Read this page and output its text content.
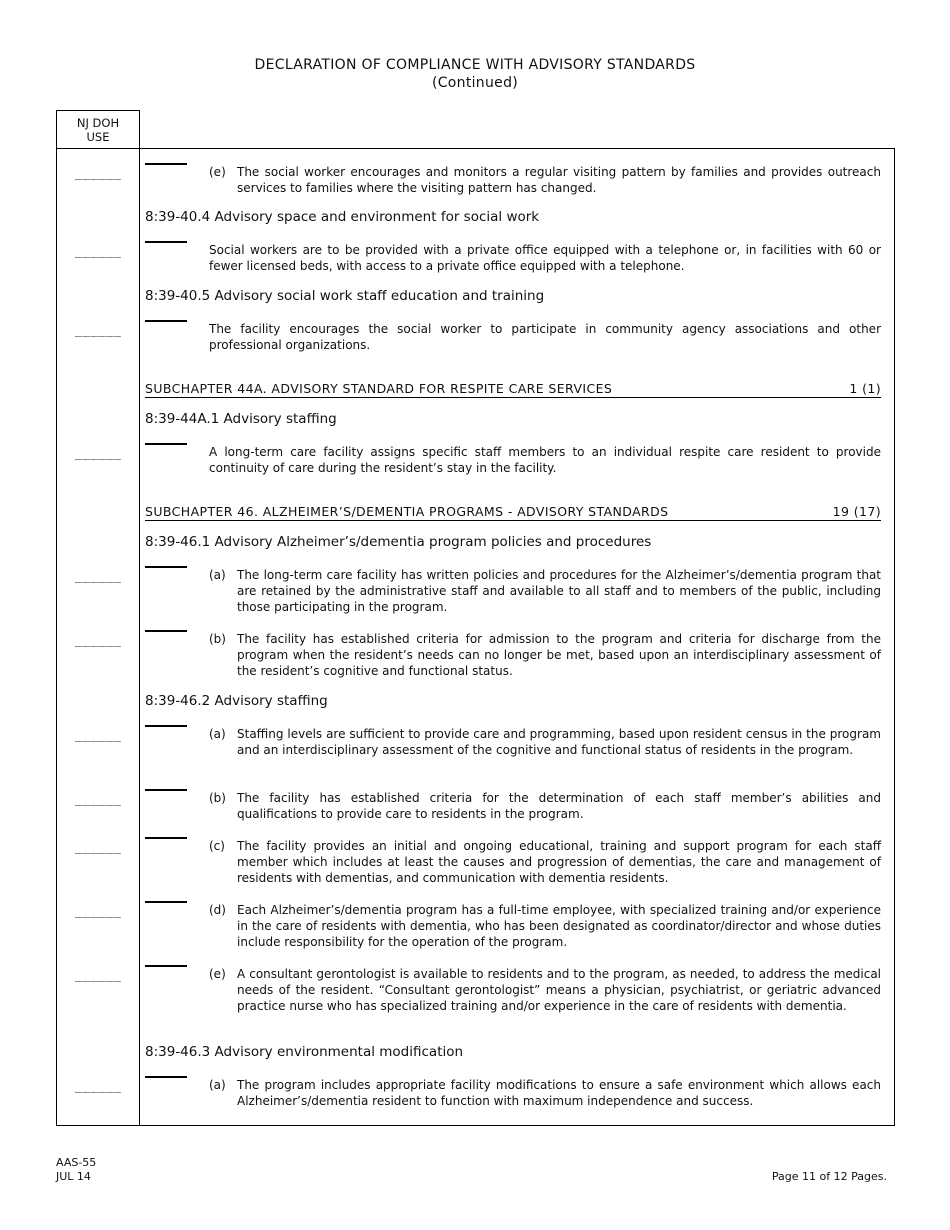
DECLARATION OF COMPLIANCE WITH ADVISORY STANDARDS
(Continued)
NJ DOH
USE
______	(e) The social worker encourages and monitors a regular visiting pattern by families and provides outreach services to families where the visiting pattern has changed.
8:39-40.4 Advisory space and environment for social work
______	Social workers are to be provided with a private office equipped with a telephone or, in facilities with 60 or fewer licensed beds, with access to a private office equipped with a telephone.
8:39-40.5 Advisory social work staff education and training
______	The facility encourages the social worker to participate in community agency associations and other professional organizations.
SUBCHAPTER 44A. ADVISORY STANDARD FOR RESPITE CARE SERVICES	1 (1)
8:39-44A.1 Advisory staffing
______	A long-term care facility assigns specific staff members to an individual respite care resident to provide continuity of care during the resident’s stay in the facility.
SUBCHAPTER 46. ALZHEIMER’S/DEMENTIA PROGRAMS - ADVISORY STANDARDS	19 (17)
8:39-46.1 Advisory Alzheimer’s/dementia program policies and procedures
______	(a) The long-term care facility has written policies and procedures for the Alzheimer’s/dementia program that are retained by the administrative staff and available to all staff and to members of the public, including those participating in the program.
______	(b) The facility has established criteria for admission to the program and criteria for discharge from the program when the resident’s needs can no longer be met, based upon an interdisciplinary assessment of the resident’s cognitive and functional status.
8:39-46.2 Advisory staffing
______	(a) Staffing levels are sufficient to provide care and programming, based upon resident census in the program and an interdisciplinary assessment of the cognitive and functional status of residents in the program.
______	(b) The facility has established criteria for the determination of each staff member’s abilities and qualifications to provide care to residents in the program.
______	(c) The facility provides an initial and ongoing educational, training and support program for each staff member which includes at least the causes and progression of dementias, the care and management of residents with dementias, and communication with dementia residents.
______	(d) Each Alzheimer’s/dementia program has a full-time employee, with specialized training and/or experience in the care of residents with dementia, who has been designated as coordinator/director and whose duties include responsibility for the operation of the program.
______	(e) A consultant gerontologist is available to residents and to the program, as needed, to address the medical needs of the resident. “Consultant gerontologist” means a physician, psychiatrist, or geriatric advanced practice nurse who has specialized training and/or experience in the care of residents with dementia.
8:39-46.3 Advisory environmental modification
______	(a) The program includes appropriate facility modifications to ensure a safe environment which allows each Alzheimer’s/dementia resident to function with maximum independence and success.
AAS-55
JUL 14	Page 11 of 12 Pages.
